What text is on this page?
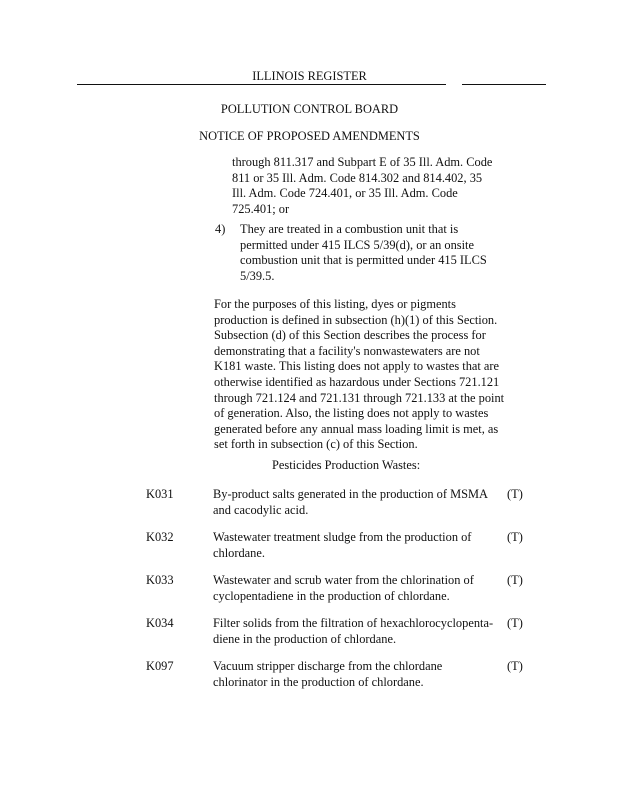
ILLINOIS REGISTER
POLLUTION CONTROL BOARD
NOTICE OF PROPOSED AMENDMENTS
through 811.317 and Subpart E of 35 Ill. Adm. Code
811 or 35 Ill. Adm. Code 814.302 and 814.402, 35
Ill. Adm. Code 724.401, or 35 Ill. Adm. Code
725.401; or
4) They are treated in a combustion unit that is
permitted under 415 ILCS 5/39(d), or an onsite
combustion unit that is permitted under 415 ILCS
5/39.5.
For the purposes of this listing, dyes or pigments
production is defined in subsection (h)(1) of this Section.
Subsection (d) of this Section describes the process for
demonstrating that a facility's nonwastewaters are not
K181 waste. This listing does not apply to wastes that are
otherwise identified as hazardous under Sections 721.121
through 721.124 and 721.131 through 721.133 at the point
of generation. Also, the listing does not apply to wastes
generated before any annual mass loading limit is met, as
set forth in subsection (c) of this Section.
Pesticides Production Wastes:
K031	By-product salts generated in the production of MSMA
and cacodylic acid.
(T)
K032	Wastewater treatment sludge from the production of
chlordane.
(T)
K033	Wastewater and scrub water from the chlorination of
cyclopentadiene in the production of chlordane.
(T)
K034	Filter solids from the filtration of hexachlorocyclopenta-
diene in the production of chlordane.
(T)
K097	Vacuum stripper discharge from the chlordane
chlorinator in the production of chlordane.
(T)
